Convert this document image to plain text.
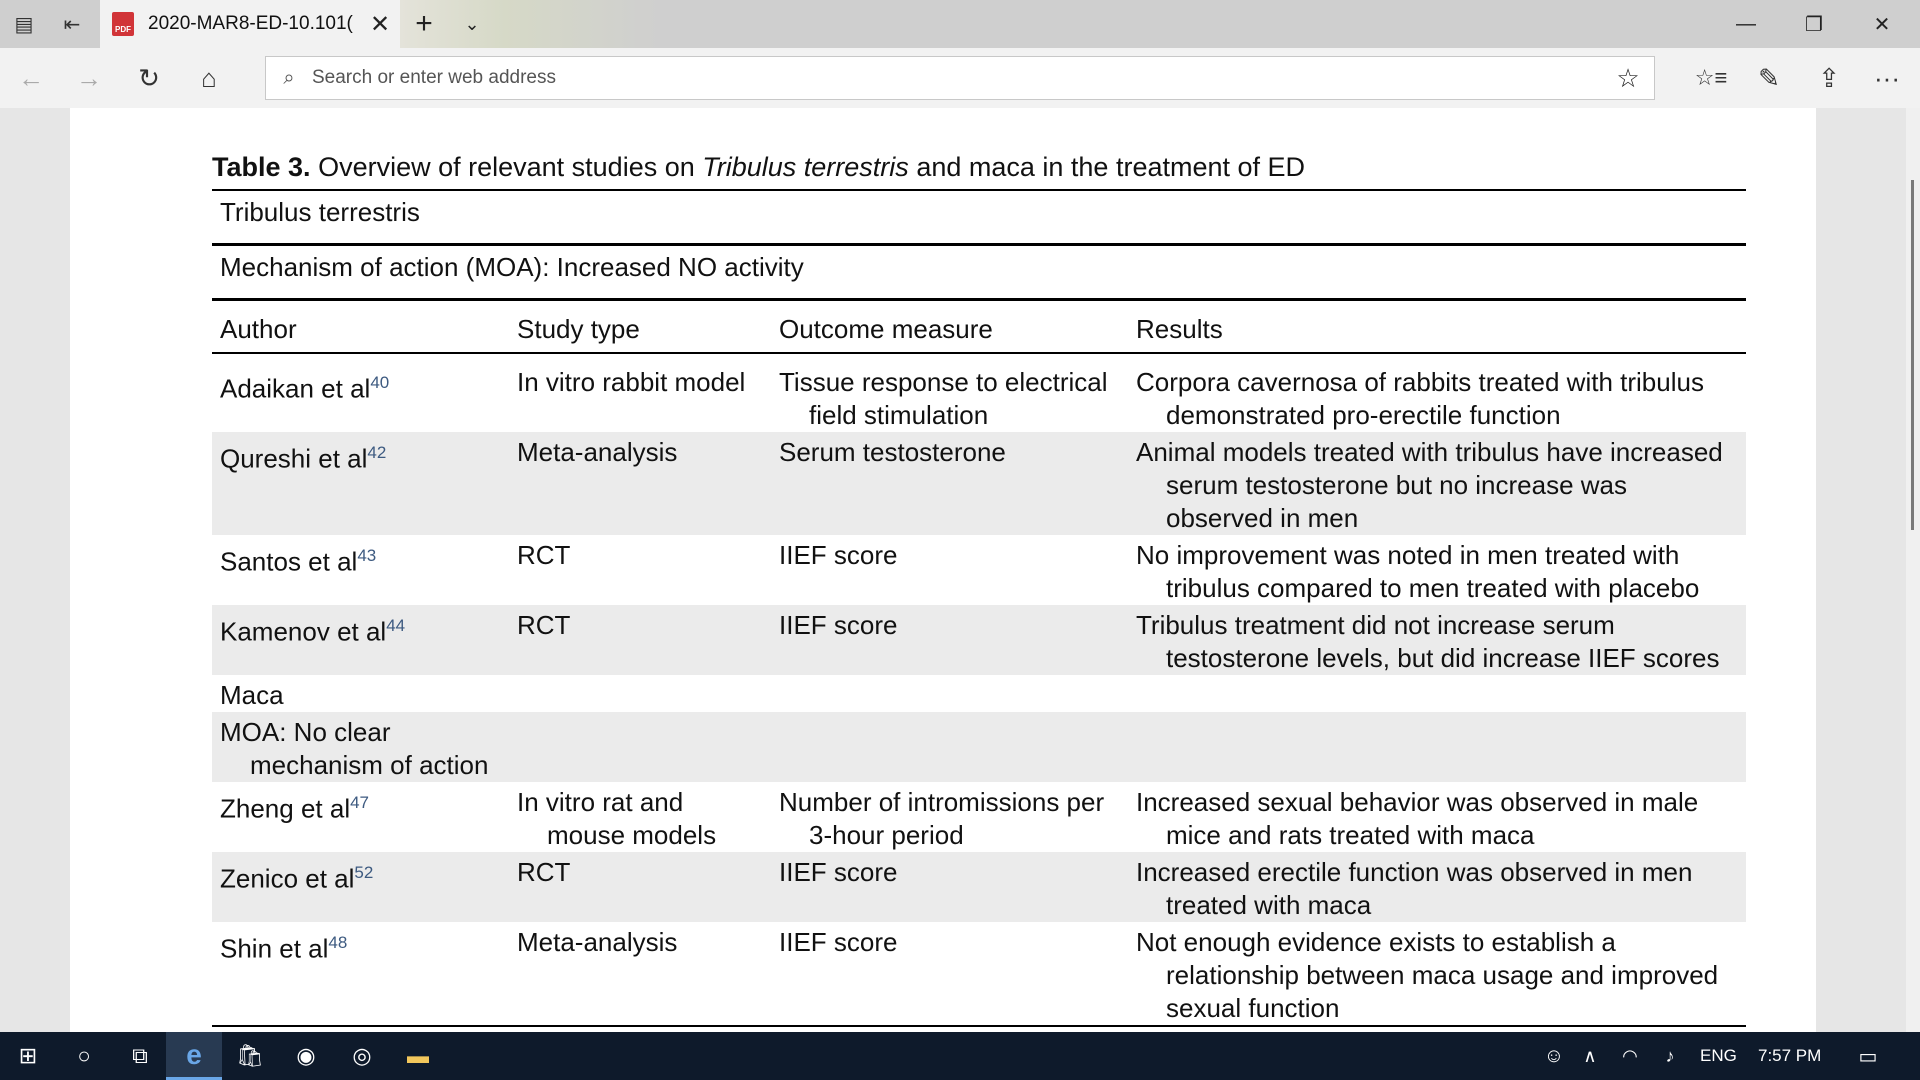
▤	⇤	PDF 2020-MAR8-ED-10.101( ✕ +	⌄	—	❐	✕
←	→	↻	⌂	⌕ Search or enter web address	☆	☆≡	✎	⇪	···
Table 3. Overview of relevant studies on Tribulus terrestris and maca in the treatment of ED
Tribulus terrestris
Mechanism of action (MOA): Increased NO activity
Author	Study type	Outcome measure	Results
Adaikan et $al^{40}$	In vitro rabbit model	Tissue response to electrical field stimulation	Corpora cavernosa of rabbits treated with tribulus demonstrated pro-erectile function
Qureshi et $al^{42}$	Meta-analysis	Serum testosterone	Animal models treated with tribulus have increased serum testosterone but no increase was observed in men
Santos et $al^{43}$	RCT	IIEF score	No improvement was noted in men treated with tribulus compared to men treated with placebo
Kamenov et $al^{44}$	RCT	IIEF score	Tribulus treatment did not increase serum testosterone levels, but did increase IIEF scores
Maca			
MOA: No clear mechanism of action			
Zheng et $al^{47}$	In vitro rat and mouse models	Number of intromissions per 3-hour period	Increased sexual behavior was observed in male mice and rats treated with maca
Zenico et $al^{52}$	RCT	IIEF score	Increased erectile function was observed in men treated with maca
Shin et $al^{48}$	Meta-analysis	IIEF score	Not enough evidence exists to establish a relationship between maca usage and improved sexual function
⊞	○	⧉	e	🛍	◉	◎	▬	☺	∧	◠	♪	ENG 7:57 PM	▭
